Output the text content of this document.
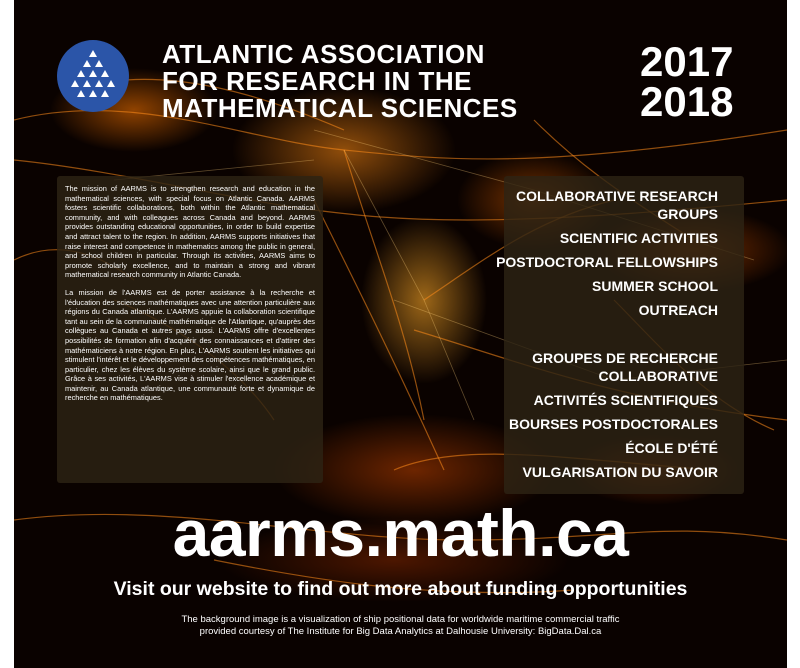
ATLANTIC ASSOCIATION
FOR RESEARCH IN THE
MATHEMATICAL SCIENCES
2017
2018

The mission of AARMS is to strengthen research and education in the mathematical sciences, with special focus on Atlantic Canada. AARMS fosters scientific collaborations, both within the Atlantic mathematical community, and with colleagues across Canada and beyond. AARMS provides outstanding educational opportunities, in order to build expertise and attract talent to the region. In addition, AARMS supports initiatives that raise interest and competence in mathematics among the public in general, and school children in particular. Through its activities, AARMS aims to promote scholarly excellence, and to maintain a strong and vibrant mathematical research community in Atlantic Canada.

La mission de l'AARMS est de porter assistance à la recherche et l'éducation des sciences mathématiques avec une attention particulière aux régions du Canada atlantique. L'AARMS appuie la collaboration scientifique tant au sein de la communauté mathématique de l'Atlantique, qu'auprès des collègues au Canada et autres pays aussi. L'AARMS offre d'excellentes possibilités de formation afin d'acquérir des connaissances et d'attirer des mathématiciens à notre région. En plus, L'AARMS soutient les initiatives qui stimulent l'intérêt et le développement des compétences mathématiques, en particulier, chez les élèves du système scolaire, ainsi que le grand public. Grâce à ses activités, L'AARMS vise à stimuler l'excellence académique et maintenir, au Canada atlantique, une communauté forte et dynamique de recherche en mathématiques.

COLLABORATIVE RESEARCH
GROUPS
SCIENTIFIC ACTIVITIES
POSTDOCTORAL FELLOWSHIPS
SUMMER SCHOOL
OUTREACH
GROUPES DE RECHERCHE
COLLABORATIVE
ACTIVITÉS SCIENTIFIQUES
BOURSES POSTDOCTORALES
ÉCOLE D'ÉTÉ
VULGARISATION DU SAVOIR
aarms.math.ca
Visit our website to find out more about funding opportunities
The background image is a visualization of ship positional data for worldwide maritime commercial traffic
provided courtesy of The Institute for Big Data Analytics at Dalhousie University: BigData.Dal.ca
